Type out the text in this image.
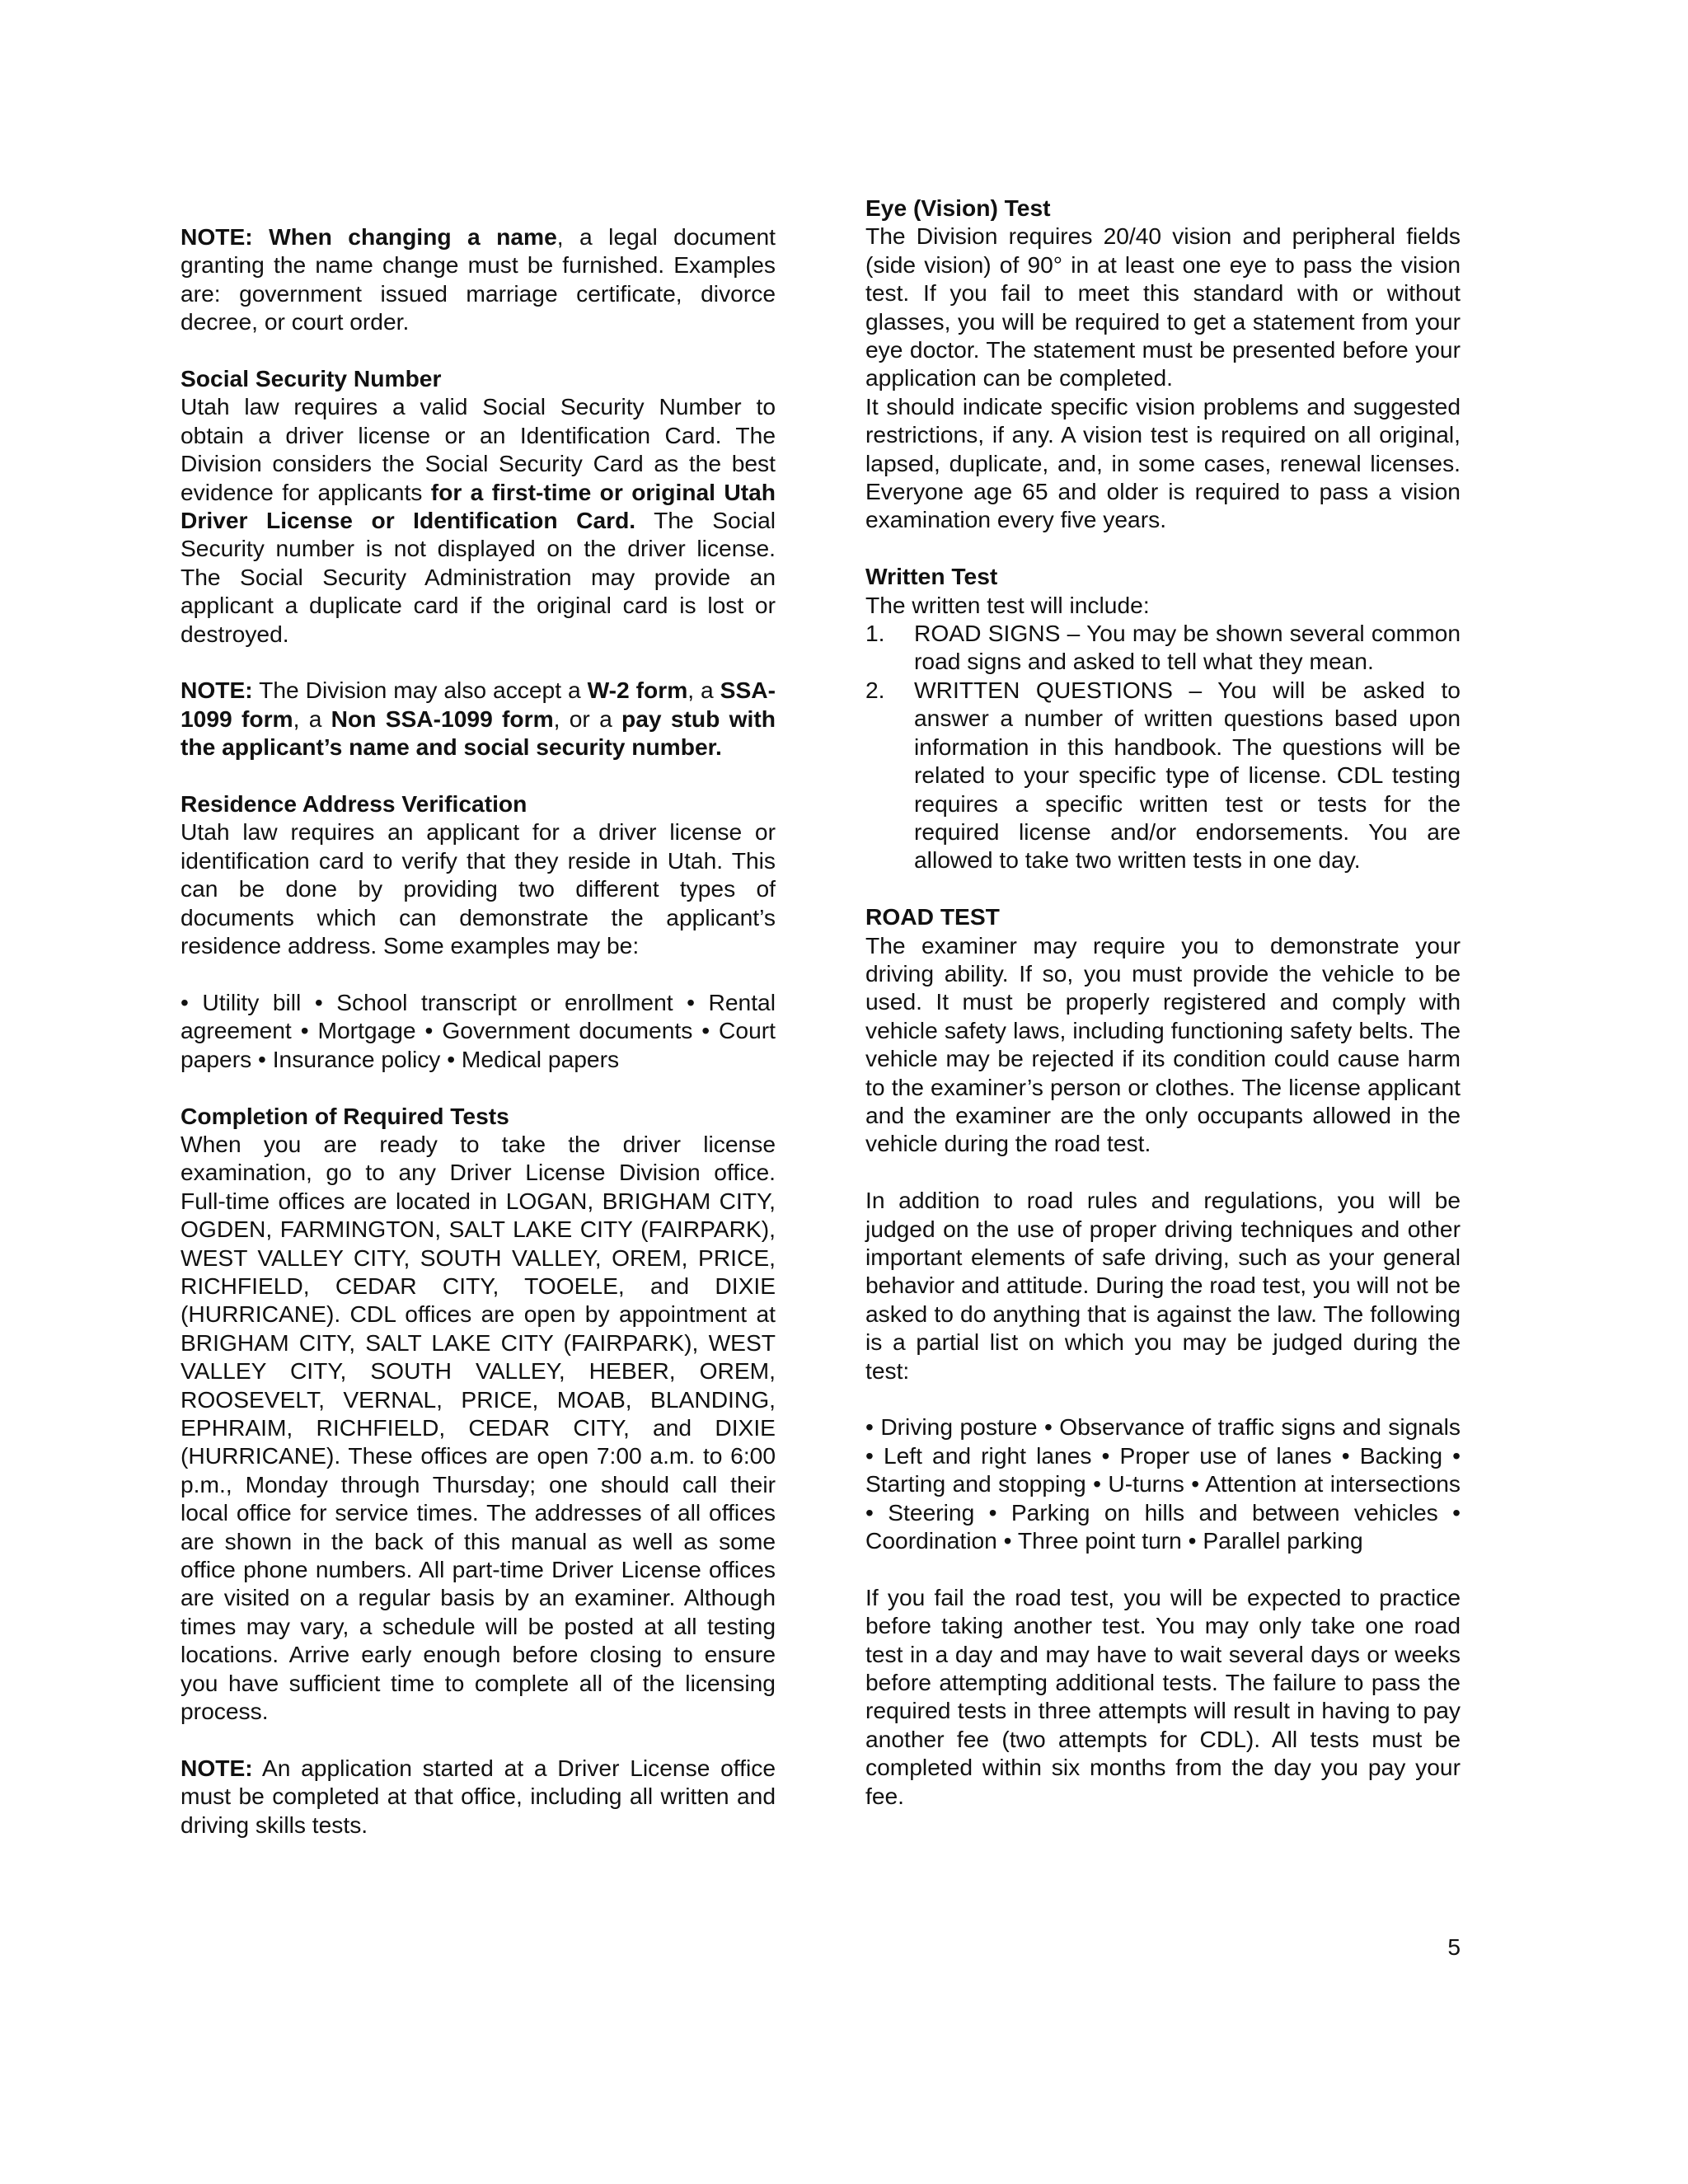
NOTE: When changing a name, a legal document granting the name change must be furnished. Examples are: government issued marriage certificate, divorce decree, or court order.

Social Security Number

Utah law requires a valid Social Security Number to obtain a driver license or an Identification Card. The Division considers the Social Security Card as the best evidence for applicants for a first-time or original Utah Driver License or Identification Card. The Social Security number is not displayed on the driver license. The Social Security Administration may provide an applicant a duplicate card if the original card is lost or destroyed.

NOTE: The Division may also accept a W-2 form, a SSA-1099 form, a Non SSA-1099 form, or a pay stub with the applicant’s name and social security number.

Residence Address Verification

Utah law requires an applicant for a driver license or identification card to verify that they reside in Utah. This can be done by providing two different types of documents which can demonstrate the applicant’s residence address. Some examples may be:

• Utility bill • School transcript or enrollment • Rental agreement • Mortgage • Government documents • Court papers • Insurance policy • Medical papers

Completion of Required Tests

When you are ready to take the driver license examination, go to any Driver License Division office. Full-time offices are located in LOGAN, BRIGHAM CITY, OGDEN, FARMINGTON, SALT LAKE CITY (FAIRPARK), WEST VALLEY CITY, SOUTH VALLEY, OREM, PRICE, RICHFIELD, CEDAR CITY, TOOELE, and DIXIE (HURRICANE). CDL offices are open by appointment at BRIGHAM CITY, SALT LAKE CITY (FAIRPARK), WEST VALLEY CITY, SOUTH VALLEY, HEBER, OREM, ROOSEVELT, VERNAL, PRICE, MOAB, BLANDING, EPHRAIM, RICHFIELD, CEDAR CITY, and DIXIE (HURRICANE). These offices are open 7:00 a.m. to 6:00 p.m., Monday through Thursday; one should call their local office for service times. The addresses of all offices are shown in the back of this manual as well as some office phone numbers. All part-time Driver License offices are visited on a regular basis by an examiner. Although times may vary, a schedule will be posted at all testing locations. Arrive early enough before closing to ensure you have sufficient time to complete all of the licensing process.

NOTE: An application started at a Driver License office must be completed at that office, including all written and driving skills tests.

Eye (Vision) Test

The Division requires 20/40 vision and peripheral fields (side vision) of 90° in at least one eye to pass the vision test. If you fail to meet this standard with or without glasses, you will be required to get a statement from your eye doctor. The statement must be presented before your application can be completed.

It should indicate specific vision problems and suggested restrictions, if any. A vision test is required on all original, lapsed, duplicate, and, in some cases, renewal licenses. Everyone age 65 and older is required to pass a vision examination every five years.

Written Test

The written test will include:

1.	ROAD SIGNS – You may be shown several common road signs and asked to tell what they mean.
2.	WRITTEN QUESTIONS – You will be asked to answer a number of written questions based upon information in this handbook. The questions will be related to your specific type of license. CDL testing requires a specific written test or tests for the required license and/or endorsements. You are allowed to take two written tests in one day.

ROAD TEST

The examiner may require you to demonstrate your driving ability. If so, you must provide the vehicle to be used. It must be properly registered and comply with vehicle safety laws, including functioning safety belts. The vehicle may be rejected if its condition could cause harm to the examiner’s person or clothes. The license applicant and the examiner are the only occupants allowed in the vehicle during the road test.

In addition to road rules and regulations, you will be judged on the use of proper driving techniques and other important elements of safe driving, such as your general behavior and attitude. During the road test, you will not be asked to do anything that is against the law. The following is a partial list on which you may be judged during the test:

• Driving posture • Observance of traffic signs and signals • Left and right lanes • Proper use of lanes • Backing • Starting and stopping • U-turns • Attention at intersections • Steering • Parking on hills and between vehicles • Coordination • Three point turn • Parallel parking

If you fail the road test, you will be expected to practice before taking another test. You may only take one road test in a day and may have to wait several days or weeks before attempting additional tests. The failure to pass the required tests in three attempts will result in having to pay another fee (two attempts for CDL). All tests must be completed within six months from the day you pay your fee.

5
